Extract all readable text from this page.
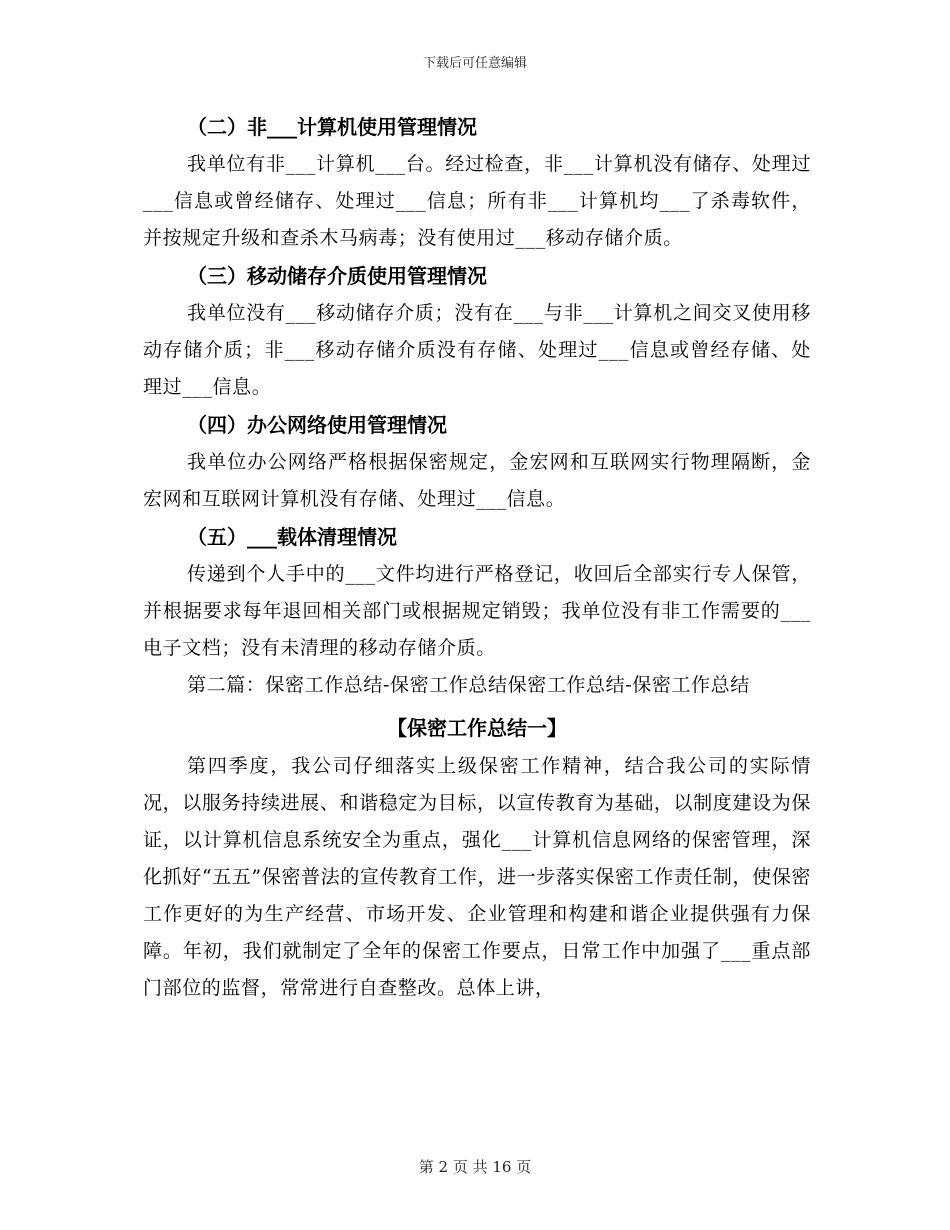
下载后可任意编辑
（二）非___计算机使用管理情况
我单位有非___计算机___台。经过检查，非___计算机没有储存、处理过___信息或曾经储存、处理过___信息；所有非___计算机均___了杀毒软件，并按规定升级和查杀木马病毒；没有使用过___移动存储介质。
（三）移动储存介质使用管理情况
我单位没有___移动储存介质；没有在___与非___计算机之间交叉使用移动存储介质；非___移动存储介质没有存储、处理过___信息或曾经存储、处理过___信息。
（四）办公网络使用管理情况
我单位办公网络严格根据保密规定，金宏网和互联网实行物理隔断，金宏网和互联网计算机没有存储、处理过___信息。
（五）___载体清理情况
传递到个人手中的___文件均进行严格登记，收回后全部实行专人保管，并根据要求每年退回相关部门或根据规定销毁；我单位没有非工作需要的___电子文档；没有未清理的移动存储介质。
第二篇：保密工作总结-保密工作总结保密工作总结-保密工作总结
【保密工作总结一】
第四季度，我公司仔细落实上级保密工作精神，结合我公司的实际情况，以服务持续进展、和谐稳定为目标，以宣传教育为基础，以制度建设为保证，以计算机信息系统安全为重点，强化___计算机信息网络的保密管理，深化抓好“五五”保密普法的宣传教育工作，进一步落实保密工作责任制，使保密工作更好的为生产经营、市场开发、企业管理和构建和谐企业提供强有力保障。年初，我们就制定了全年的保密工作要点，日常工作中加强了___重点部门部位的监督，常常进行自查整改。总体上讲，
第 2 页 共 16 页
